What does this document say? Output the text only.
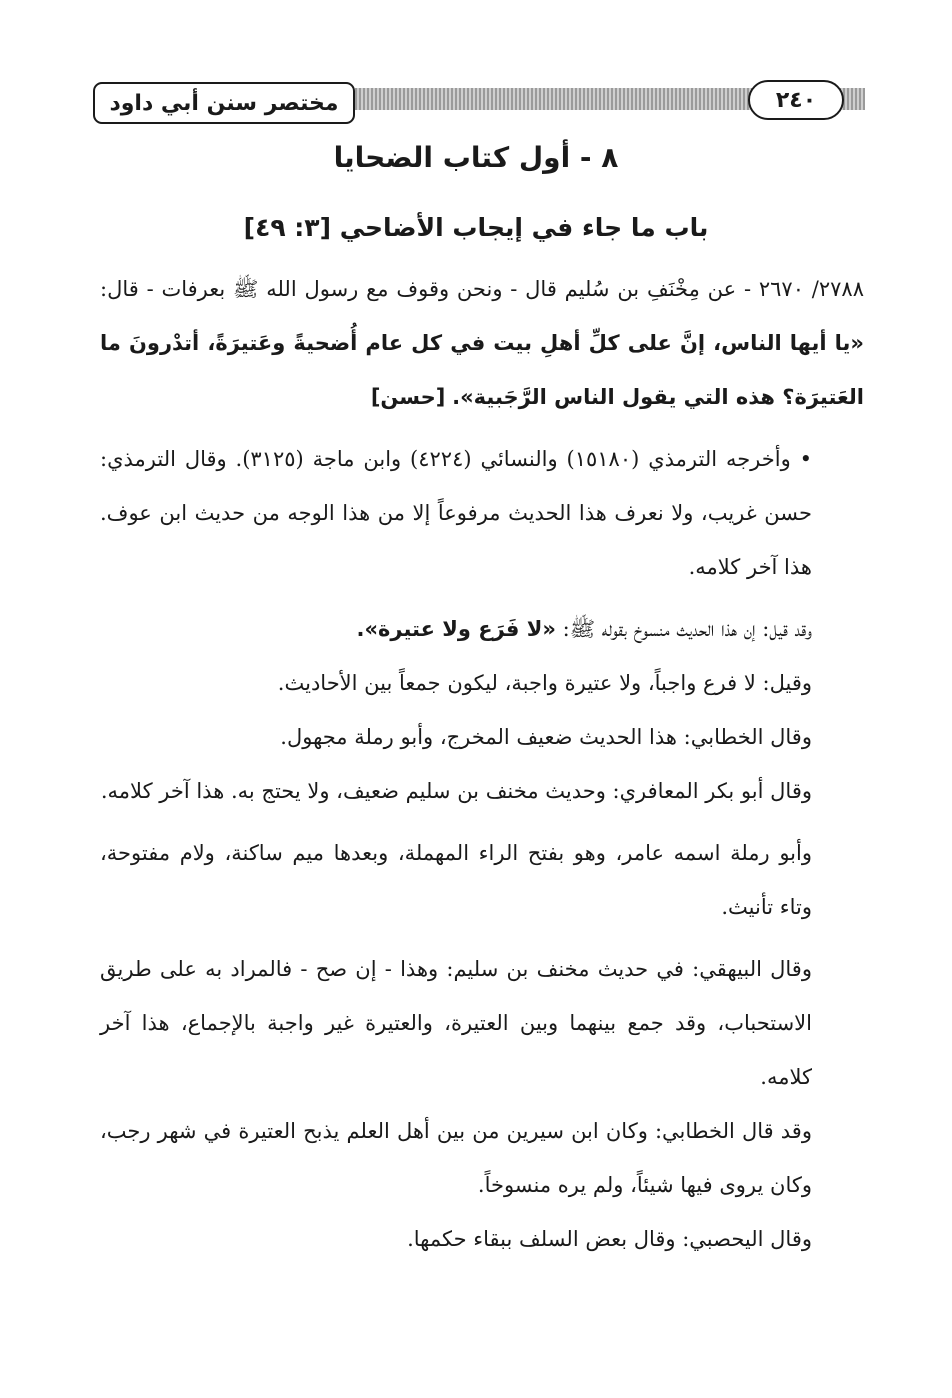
مختصر سنن أبي داود	٢٤٠
٨ - أول كتاب الضحايا
باب ما جاء في إيجاب الأضاحي [٣: ٤٩]

٢٧٨٨/ ٢٦٧٠ - عن مِخْنَفِ بن سُليم قال - ونحن وقوف مع رسول الله ﷺ بعرفات - قال: «يا أيها الناس، إنَّ على كلِّ أهلِ بيت في كل عام أُضحيةً وعَتيرَةً، أتدْرونَ ما العَتيرَة؟ هذه التي يقول الناس الرَّجَبية». [حسن]

• وأخرجه الترمذي (١٥١٨٠) والنسائي (٤٢٢٤) وابن ماجة (٣١٢٥). وقال الترمذي: حسن غريب، ولا نعرف هذا الحديث مرفوعاً إلا من هذا الوجه من حديث ابن عوف. هذا آخر كلامه.

وقد قيل: إن هذا الحديث منسوخ بقوله ﷺ: «لا فَرَع ولا عتيرة».

وقيل: لا فرع واجباً، ولا عتيرة واجبة، ليكون جمعاً بين الأحاديث.

وقال الخطابي: هذا الحديث ضعيف المخرج، وأبو رملة مجهول.

وقال أبو بكر المعافري: وحديث مخنف بن سليم ضعيف، ولا يحتج به. هذا آخر كلامه.

وأبو رملة اسمه عامر، وهو بفتح الراء المهملة، وبعدها ميم ساكنة، ولام مفتوحة، وتاء تأنيث.

وقال البيهقي: في حديث مخنف بن سليم: وهذا - إن صح - فالمراد به على طريق الاستحباب، وقد جمع بينهما وبين العتيرة، والعتيرة غير واجبة بالإجماع، هذا آخر كلامه.

وقد قال الخطابي: وكان ابن سيرين من بين أهل العلم يذبح العتيرة في شهر رجب، وكان يروى فيها شيئاً، ولم يره منسوخاً.

وقال اليحصبي: وقال بعض السلف ببقاء حكمها.
